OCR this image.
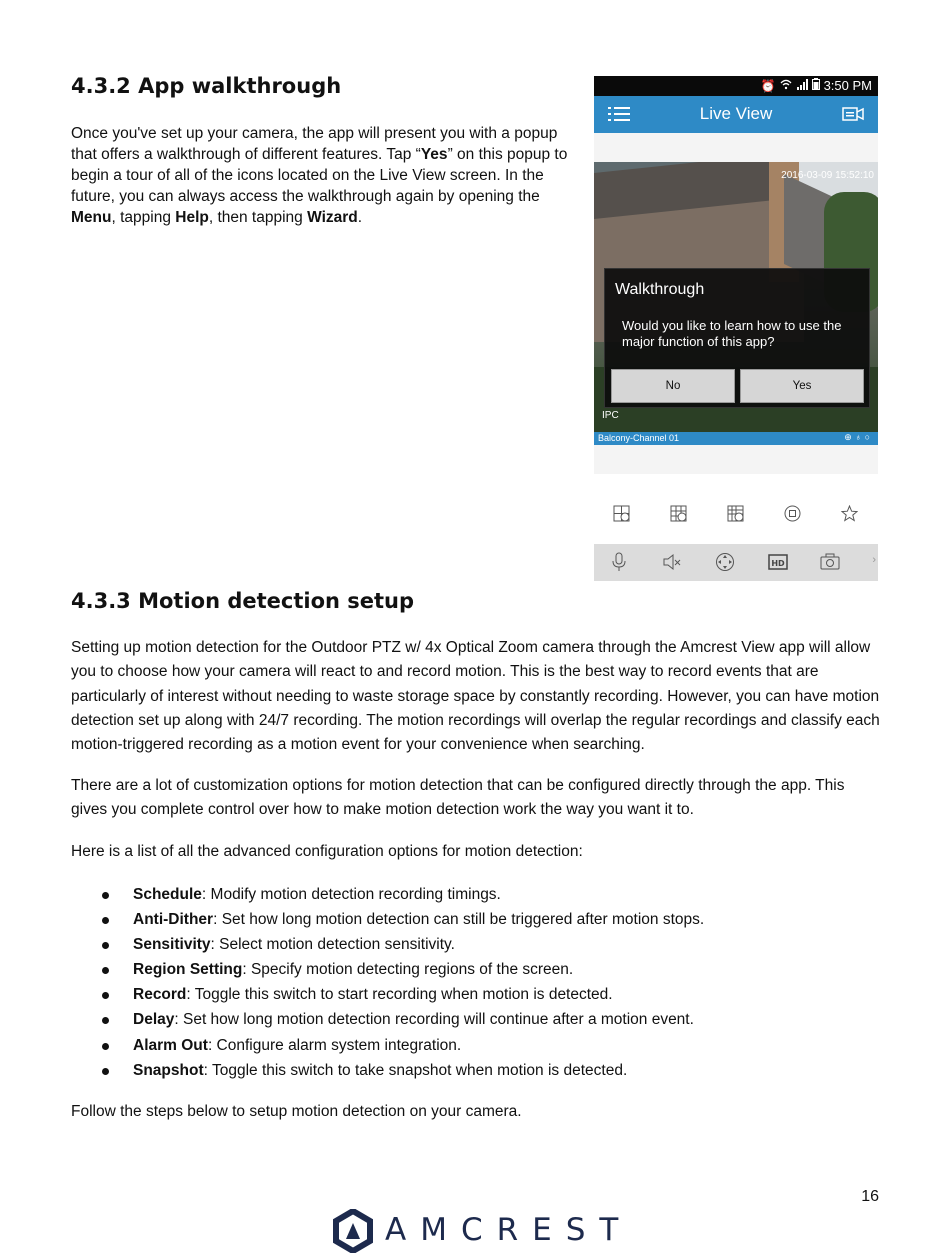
4.3.2 App walkthrough

Once you've set up your camera, the app will present you with a popup that offers a walkthrough of different features. Tap “Yes” on this popup to begin a tour of all of the icons located on the Live View screen. In the future, you can always access the walkthrough again by opening the Menu, tapping Help, then tapping Wizard.

⏰	3:50 PM
Live View
2016-03-09 15:52:10
IPC
Walkthrough
Would you like to learn how to use the major function of this app?
No	Yes
Balcony-Channel 01	⊕♁○
HD	›
4.3.3 Motion detection setup

Setting up motion detection for the Outdoor PTZ w/ 4x Optical Zoom camera through the Amcrest View app will allow you to choose how your camera will react to and record motion. This is the best way to record events that are particularly of interest without needing to waste storage space by constantly recording. However, you can have motion detection set up along with 24/7 recording. The motion recordings will overlap the regular recordings and classify each motion-triggered recording as a motion event for your convenience when searching.

There are a lot of customization options for motion detection that can be configured directly through the app. This gives you complete control over how to make motion detection work the way you want it to.

Here is a list of all the advanced configuration options for motion detection:

Schedule: Modify motion detection recording timings.
Anti-Dither: Set how long motion detection can still be triggered after motion stops.
Sensitivity: Select motion detection sensitivity.
Region Setting: Specify motion detecting regions of the screen.
Record: Toggle this switch to start recording when motion is detected.
Delay: Set how long motion detection recording will continue after a motion event.
Alarm Out: Configure alarm system integration.
Snapshot: Toggle this switch to take snapshot when motion is detected.

Follow the steps below to setup motion detection on your camera.

16
AMCREST
